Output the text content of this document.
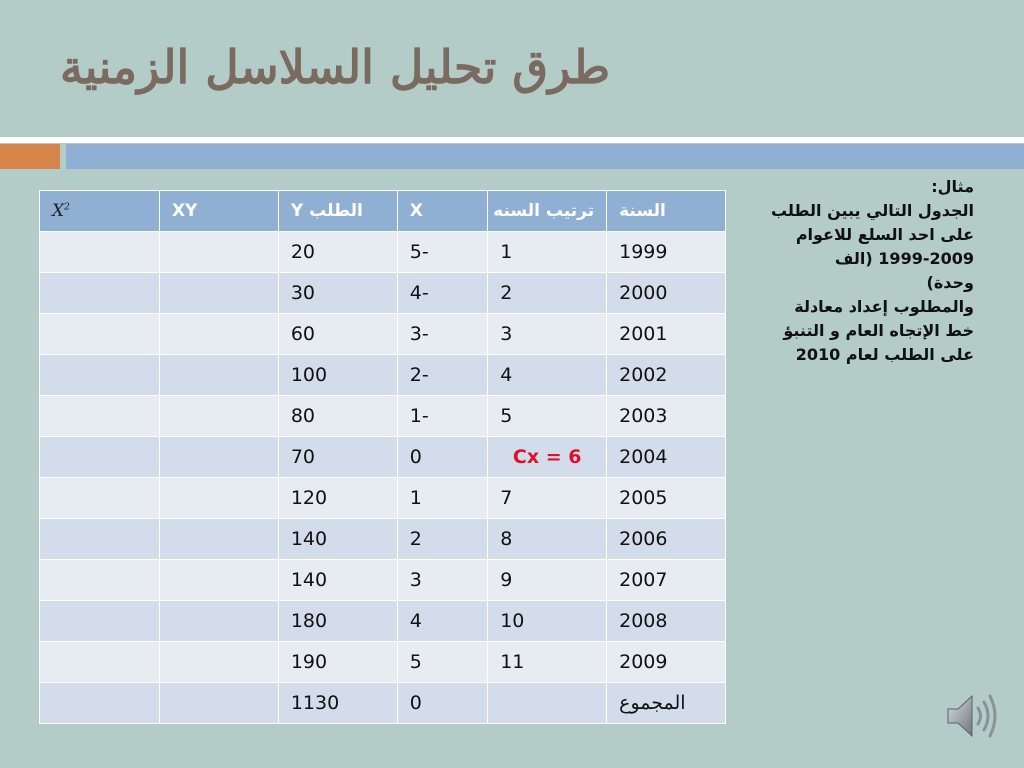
طرق تحليل السلاسل الزمنية
السنة	ترتيب السنه	X	الطلب Y	XY	$X^2$
1999	1	-5	20		
2000	2	-4	30		
2001	3	-3	60		
2002	4	-2	100		
2003	5	-1	80		
2004	Cx = 6	0	70		
2005	7	1	120		
2006	8	2	140		
2007	9	3	140		
2008	10	4	180		
2009	11	5	190		
المجموع		0	1130		
مثال:
الجدول التالي يبين الطلب
على احد السلع للاعوام
1999-2009 (الف
وحدة)
والمطلوب إعداد معادلة
خط الإتجاه العام و التنبؤ
على الطلب لعام 2010
